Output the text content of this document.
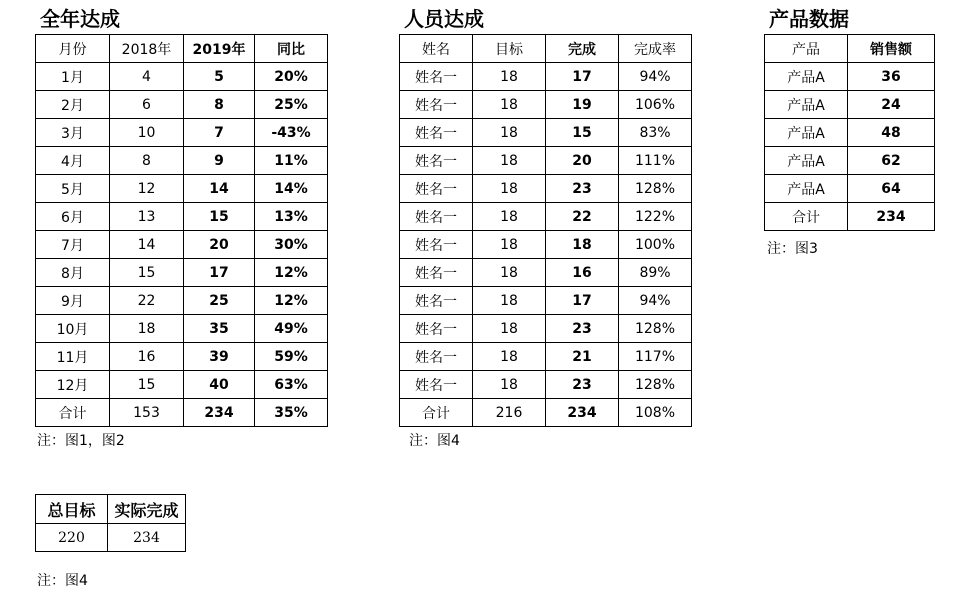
全年达成
月份	2018年	2019年	同比
1月	4	5	20%
2月	6	8	25%
3月	10	7	-43%
4月	8	9	11%
5月	12	14	14%
6月	13	15	13%
7月	14	20	30%
8月	15	17	12%
9月	22	25	12%
10月	18	35	49%
11月	16	39	59%
12月	15	40	63%
合计	153	234	35%
注：图1，图2
人员达成
姓名	目标	完成	完成率
姓名一	18	17	94%
姓名一	18	19	106%
姓名一	18	15	83%
姓名一	18	20	111%
姓名一	18	23	128%
姓名一	18	22	122%
姓名一	18	18	100%
姓名一	18	16	89%
姓名一	18	17	94%
姓名一	18	23	128%
姓名一	18	21	117%
姓名一	18	23	128%
合计	216	234	108%
注：图4
产品数据
产品	销售额
产品A	36
产品A	24
产品A	48
产品A	62
产品A	64
合计	234
注：图3
总目标	实际完成
220	234
注：图4
